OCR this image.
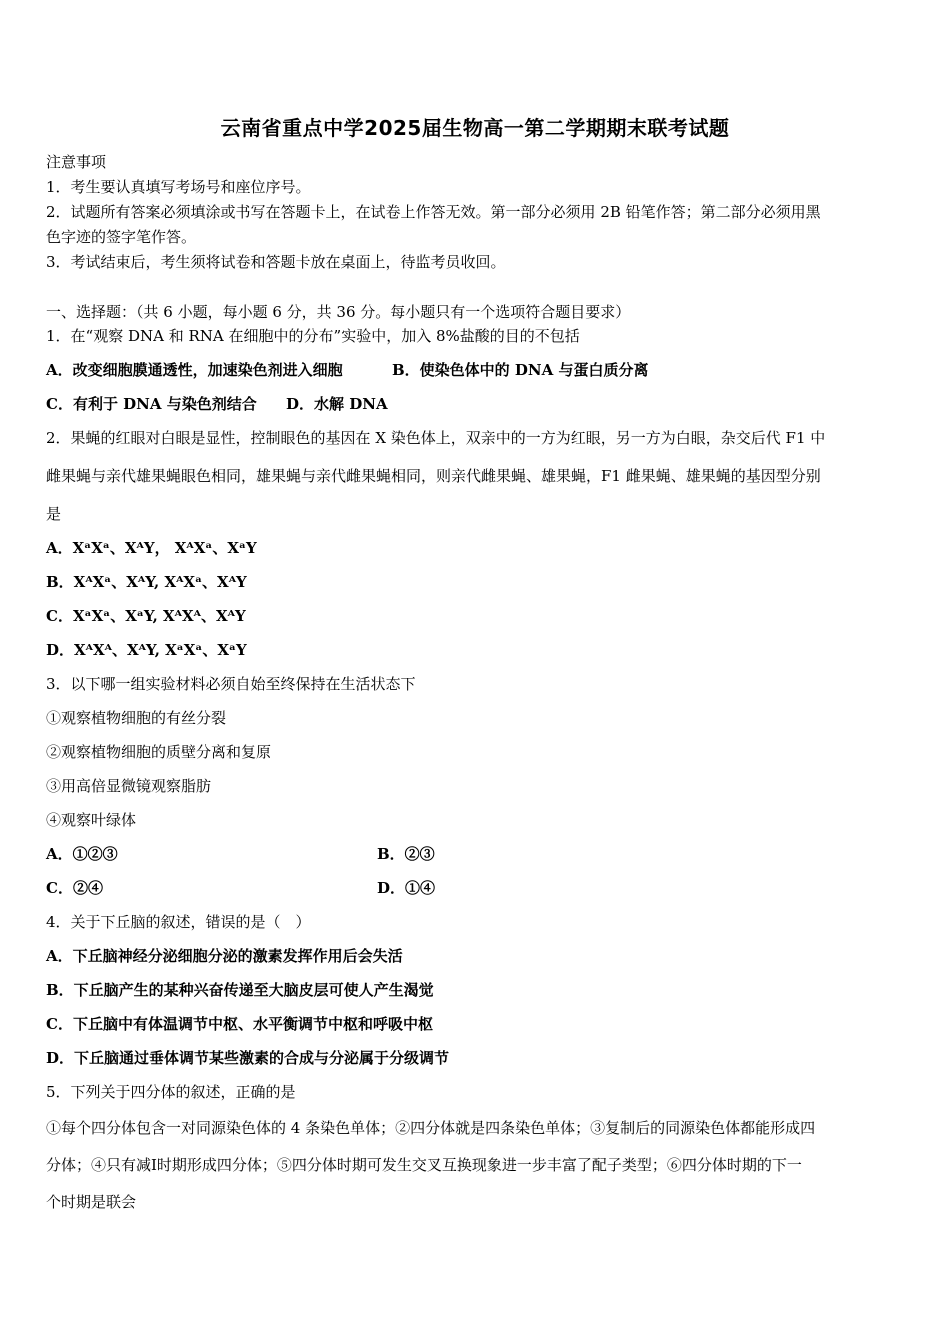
云南省重点中学2025届生物高一第二学期期末联考试题
注意事项
1．考生要认真填写考场号和座位序号。
2．试题所有答案必须填涂或书写在答题卡上，在试卷上作答无效。第一部分必须用 2B 铅笔作答；第二部分必须用黑
色字迹的签字笔作答。
3．考试结束后，考生须将试卷和答题卡放在桌面上，待监考员收回。
一、选择题：（共 6 小题，每小题 6 分，共 36 分。每小题只有一个选项符合题目要求）
1．在“观察 DNA 和 RNA 在细胞中的分布”实验中，加入 8%盐酸的目的不包括
A．改变细胞膜通透性，加速染色剂进入细胞	B．使染色体中的 DNA 与蛋白质分离
C．有利于 DNA 与染色剂结合 D．水解 DNA
2．果蝇的红眼对白眼是显性，控制眼色的基因在 X 染色体上，双亲中的一方为红眼，另一方为白眼，杂交后代 F1 中
雌果蝇与亲代雄果蝇眼色相同，雄果蝇与亲代雌果蝇相同，则亲代雌果蝇、雄果蝇，F1 雌果蝇、雄果蝇的基因型分别
是
A．XᵃXᵃ、XᴬY， XᴬXᵃ、XᵃY
B．XᴬXᵃ、XᴬY, XᴬXᵃ、XᴬY
C．XᵃXᵃ、XᵃY, XᴬXᴬ、XᴬY
D．XᴬXᴬ、XᴬY, XᵃXᵃ、XᵃY
3．以下哪一组实验材料必须自始至终保持在生活状态下
①观察植物细胞的有丝分裂
②观察植物细胞的质壁分离和复原
③用高倍显微镜观察脂肪
④观察叶绿体
A．①②③	B．②③
C．②④	D．①④
4．关于下丘脑的叙述，错误的是（　）
A．下丘脑神经分泌细胞分泌的激素发挥作用后会失活
B．下丘脑产生的某种兴奋传递至大脑皮层可使人产生渴觉
C．下丘脑中有体温调节中枢、水平衡调节中枢和呼吸中枢
D．下丘脑通过垂体调节某些激素的合成与分泌属于分级调节
5．下列关于四分体的叙述，正确的是
①每个四分体包含一对同源染色体的 4 条染色单体；②四分体就是四条染色单体；③复制后的同源染色体都能形成四
分体；④只有减Ⅰ时期形成四分体；⑤四分体时期可发生交叉互换现象进一步丰富了配子类型；⑥四分体时期的下一
个时期是联会
